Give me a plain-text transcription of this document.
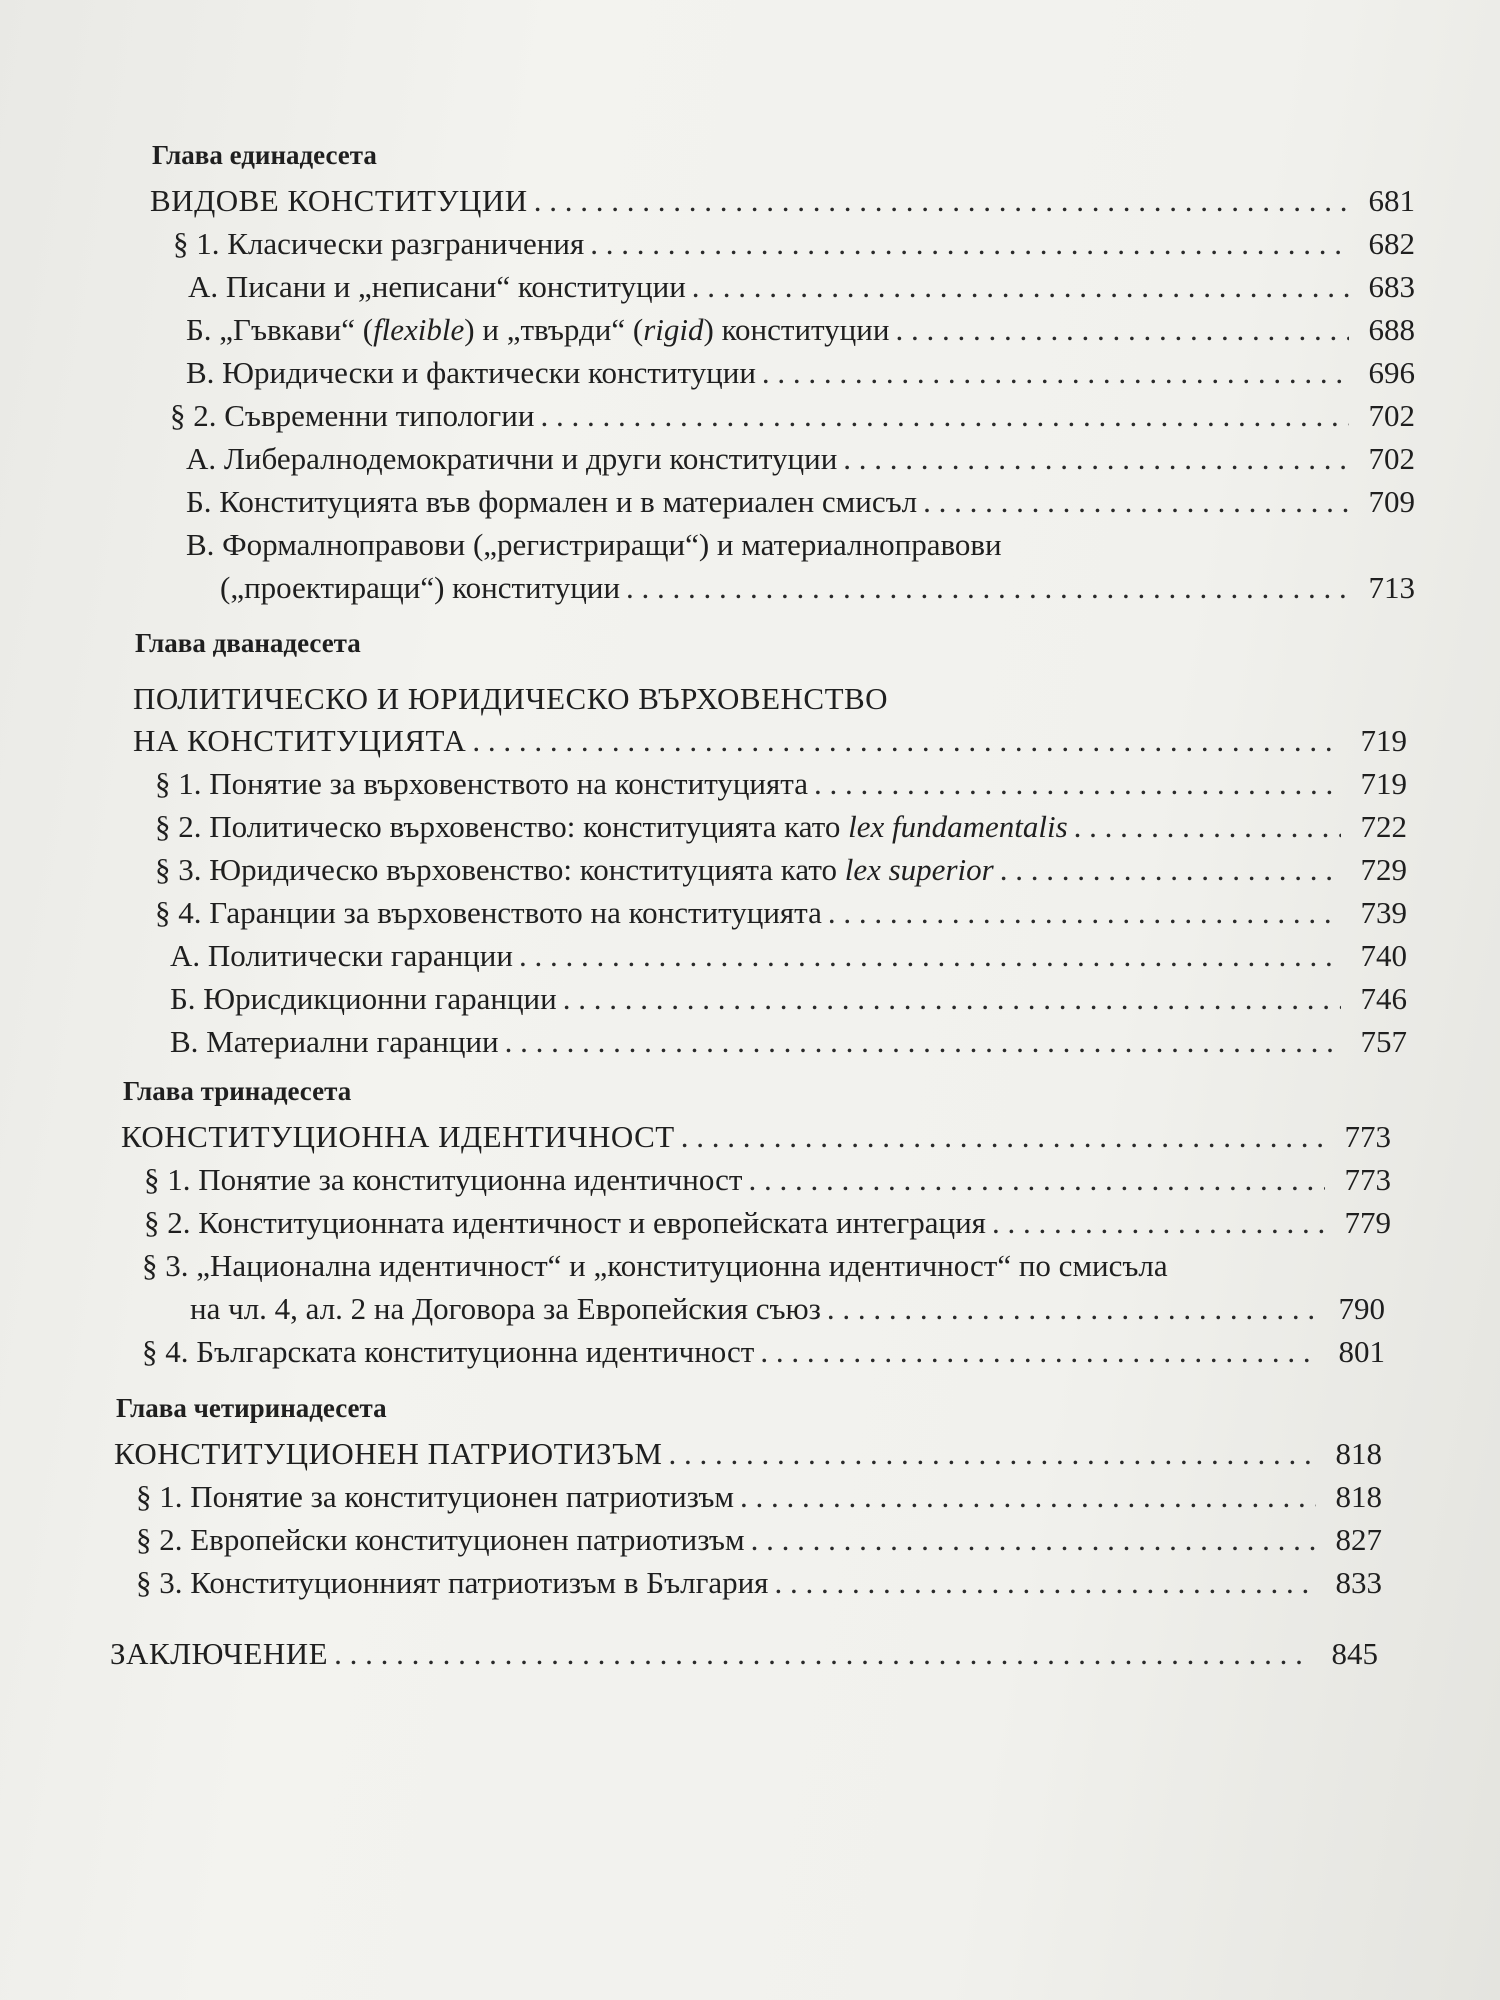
Глава единадесета
ВИДОВЕ КОНСТИТУЦИИ . . .	681
§ 1. Класически разграничения . . .	682
А. Писани и „неписани“ конституции . . .	683
Б. „Гъвкави“ (flexible) и „твърди“ (rigid) конституции . . .	688
В. Юридически и фактически конституции . . .	696
§ 2. Съвременни типологии . . .	702
А. Либералнодемократични и други конституции . . .	702
Б. Конституцията във формален и в материален смисъл . . .	709
В. Формалноправови („регистриращи“) и материалноправови
(„проектиращи“) конституции . . .	713
Глава дванадесета
ПОЛИТИЧЕСКО И ЮРИДИЧЕСКО ВЪРХОВЕНСТВО
НА КОНСТИТУЦИЯТА . . .	719
§ 1. Понятие за върховенството на конституцията . . .	719
§ 2. Политическо върховенство: конституцията като lex fundamentalis . . .	722
§ 3. Юридическо върховенство: конституцията като lex superior . . .	729
§ 4. Гаранции за върховенството на конституцията . . .	739
А. Политически гаранции . . .	740
Б. Юрисдикционни гаранции . . .	746
В. Материални гаранции . . .	757
Глава тринадесета
КОНСТИТУЦИОННА ИДЕНТИЧНОСТ . . .	773
§ 1. Понятие за конституционна идентичност . . .	773
§ 2. Конституционната идентичност и европейската интеграция . . .	779
§ 3. „Национална идентичност“ и „конституционна идентичност“ по смисъла
на чл. 4, ал. 2 на Договора за Европейския съюз . . .	790
§ 4. Българската конституционна идентичност . . .	801
Глава четиринадесета
КОНСТИТУЦИОНЕН ПАТРИОТИЗЪМ . . .	818
§ 1. Понятие за конституционен патриотизъм . . .	818
§ 2. Европейски конституционен патриотизъм . . .	827
§ 3. Конституционният патриотизъм в България . . .	833
ЗАКЛЮЧЕНИЕ . . .	845
